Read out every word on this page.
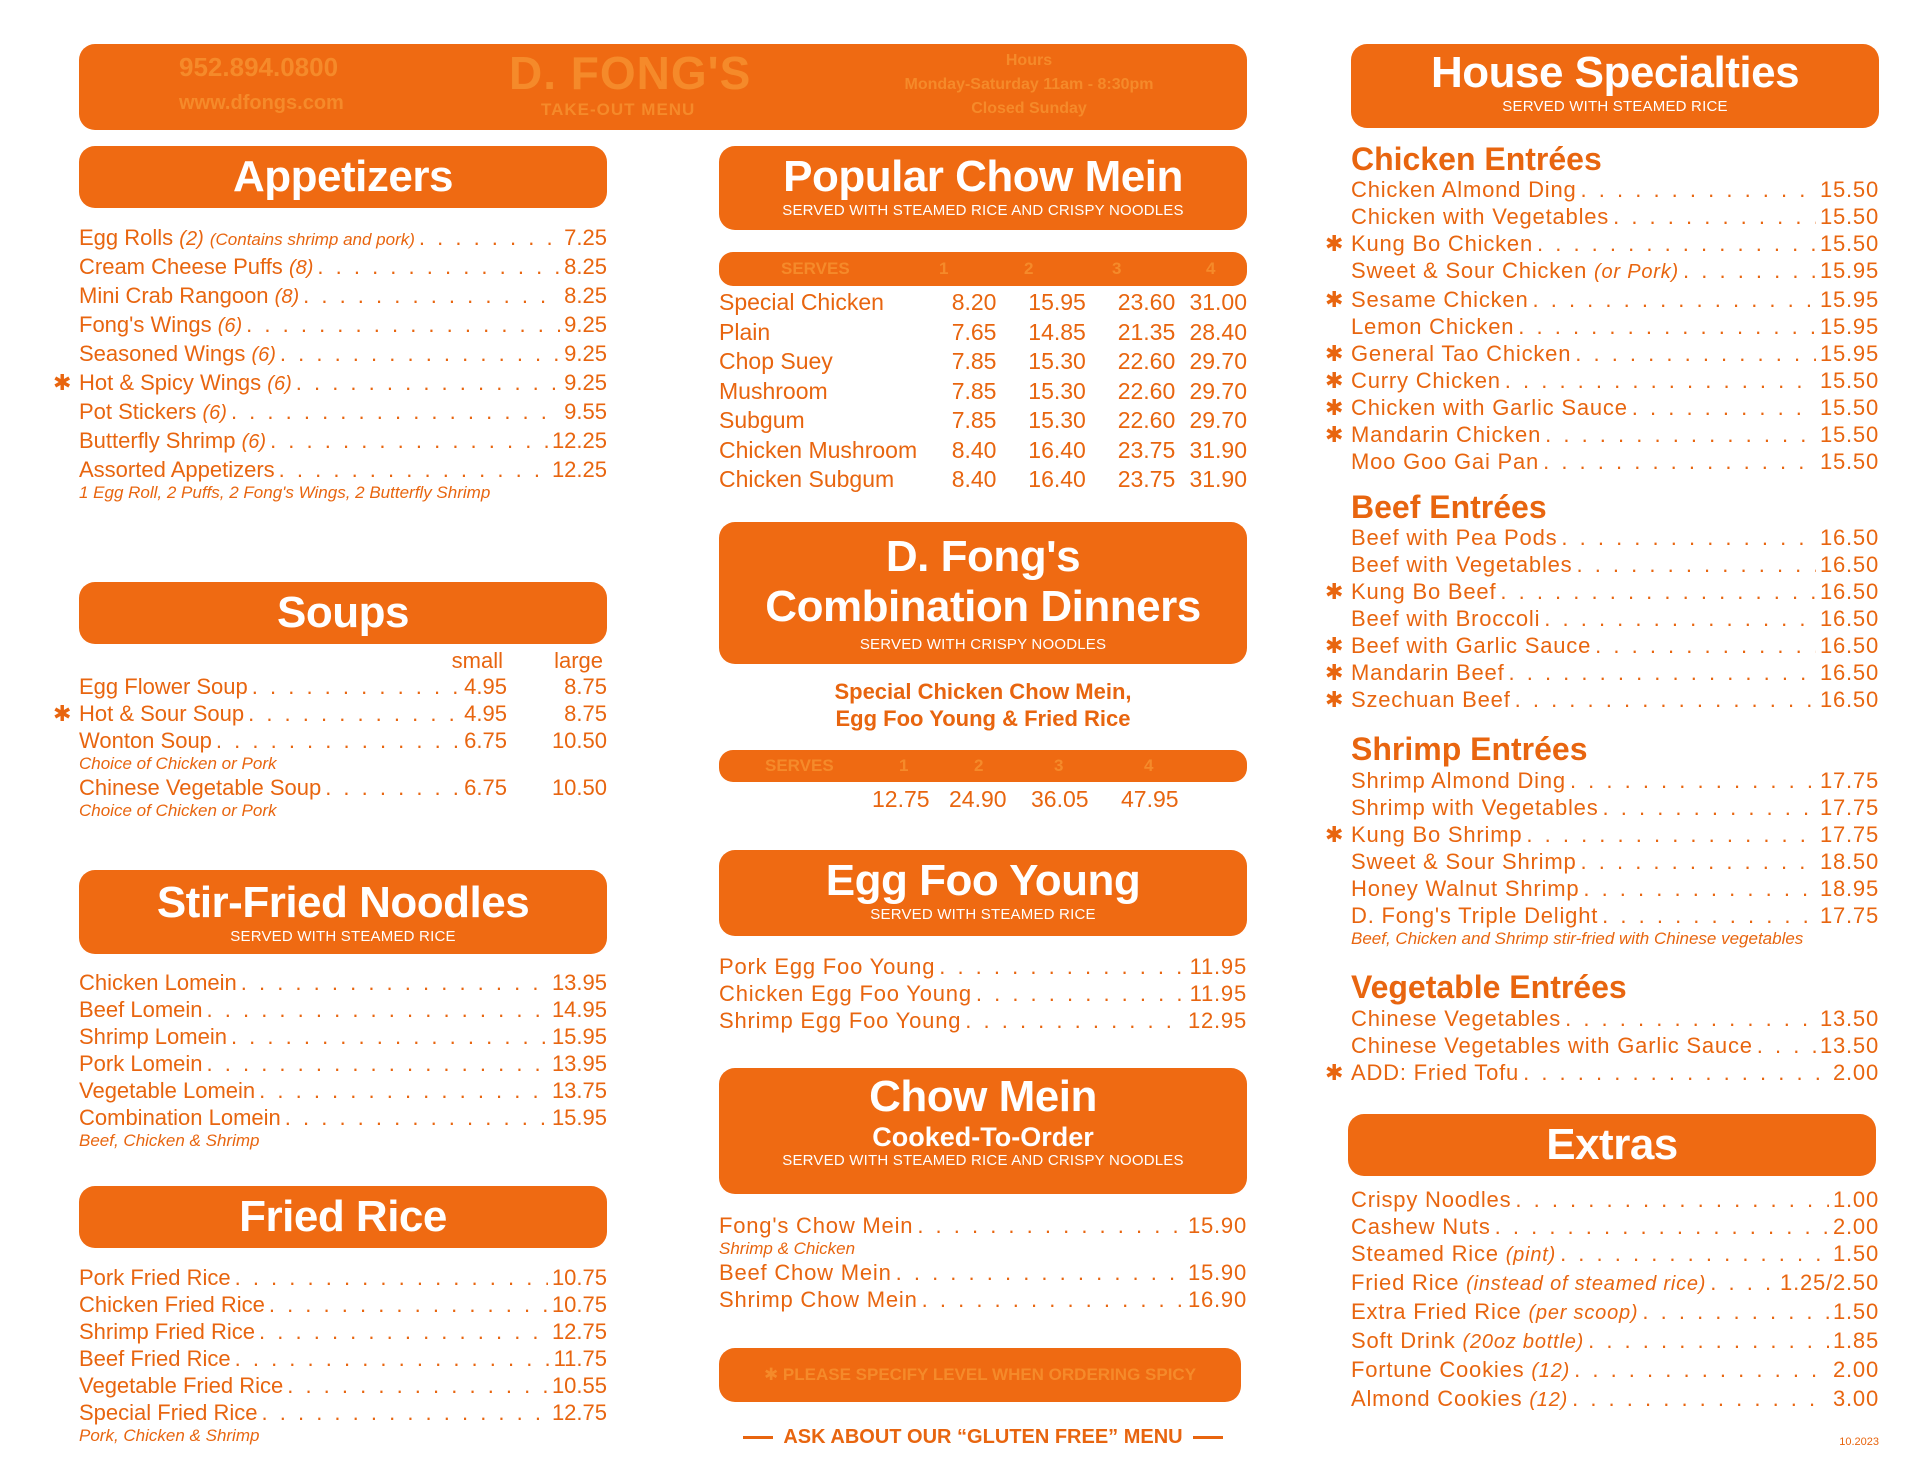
952.894.0800
www.dfongs.com
D. FONG'S
TAKE-OUT MENU
Hours
Monday-Saturday 11am - 8:30pm
Closed Sunday
Appetizers
Egg Rolls (2) (Contains shrimp and pork) . . .	7.25
Cream Cheese Puffs (8) . . .	8.25
Mini Crab Rangoon (8) . . .	8.25
Fong's Wings (6) . . .	9.25
Seasoned Wings (6) . . .	9.25
✱ Hot & Spicy Wings (6) . . .	9.25
Pot Stickers (6) . . .	9.55
Butterfly Shrimp (6) . . .	12.25
Assorted Appetizers . . .	12.25
1 Egg Roll, 2 Puffs, 2 Fong's Wings, 2 Butterfly Shrimp
Soups
small large
Egg Flower Soup . . .	4.95	8.75
✱ Hot & Sour Soup . . .	4.95	8.75
Wonton Soup . . .	6.75	10.50
Choice of Chicken or Pork
Chinese Vegetable Soup . . .	6.75	10.50
Choice of Chicken or Pork
Stir-Fried Noodles
SERVED WITH STEAMED RICE
Chicken Lomein . . .	13.95
Beef Lomein . . .	14.95
Shrimp Lomein . . .	15.95
Pork Lomein . . .	13.95
Vegetable Lomein . . .	13.75
Combination Lomein . . .	15.95
Beef, Chicken & Shrimp
Fried Rice
Pork Fried Rice . . .	10.75
Chicken Fried Rice . . .	10.75
Shrimp Fried Rice . . .	12.75
Beef Fried Rice . . .	11.75
Vegetable Fried Rice . . .	10.55
Special Fried Rice . . .	12.75
Pork, Chicken & Shrimp
Popular Chow Mein
SERVED WITH STEAMED RICE AND CRISPY NOODLES
SERVES	1	2	3	4
Special Chicken	8.20	15.95	23.60	31.00
Plain	7.65	14.85	21.35	28.40
Chop Suey	7.85	15.30	22.60	29.70
Mushroom	7.85	15.30	22.60	29.70
Subgum	7.85	15.30	22.60	29.70
Chicken Mushroom	8.40	16.40	23.75	31.90
Chicken Subgum	8.40	16.40	23.75	31.90
D. Fong's
Combination Dinners
SERVED WITH CRISPY NOODLES
Special Chicken Chow Mein,
Egg Foo Young & Fried Rice
SERVES	1	2	3	4
12.75 24.90 36.05 47.95
Egg Foo Young
SERVED WITH STEAMED RICE
Pork Egg Foo Young . . .	11.95
Chicken Egg Foo Young . . .	11.95
Shrimp Egg Foo Young . . .	12.95
Chow Mein
Cooked-To-Order
SERVED WITH STEAMED RICE AND CRISPY NOODLES
Fong's Chow Mein . . .	15.90
Shrimp & Chicken
Beef Chow Mein . . .	15.90
Shrimp Chow Mein . . .	16.90
✱ PLEASE SPECIFY LEVEL WHEN ORDERING SPICY
ASK ABOUT OUR “GLUTEN FREE” MENU
House Specialties
SERVED WITH STEAMED RICE
Chicken Entrées
Chicken Almond Ding . . .	15.50
Chicken with Vegetables . . .	15.50
✱ Kung Bo Chicken . . .	15.50
Sweet & Sour Chicken (or Pork) . . .	15.95
✱ Sesame Chicken . . .	15.95
Lemon Chicken . . .	15.95
✱ General Tao Chicken . . .	15.95
✱ Curry Chicken . . .	15.50
✱ Chicken with Garlic Sauce . . .	15.50
✱ Mandarin Chicken . . .	15.50
Moo Goo Gai Pan . . .	15.50
Beef Entrées
Beef with Pea Pods . . .	16.50
Beef with Vegetables . . .	16.50
✱ Kung Bo Beef . . .	16.50
Beef with Broccoli . . .	16.50
✱ Beef with Garlic Sauce . . .	16.50
✱ Mandarin Beef . . .	16.50
✱ Szechuan Beef . . .	16.50
Shrimp Entrées
Shrimp Almond Ding . . .	17.75
Shrimp with Vegetables . . .	17.75
✱ Kung Bo Shrimp . . .	17.75
Sweet & Sour Shrimp . . .	18.50
Honey Walnut Shrimp . . .	18.95
D. Fong's Triple Delight . . .	17.75
Beef, Chicken and Shrimp stir-fried with Chinese vegetables
Vegetable Entrées
Chinese Vegetables . . .	13.50
Chinese Vegetables with Garlic Sauce . . .	13.50
✱ ADD: Fried Tofu . . .	2.00
Extras
Crispy Noodles . . .	1.00
Cashew Nuts . . .	2.00
Steamed Rice (pint) . . .	1.50
Fried Rice (instead of steamed rice) . . .	1.25/2.50
Extra Fried Rice (per scoop) . . .	1.50
Soft Drink (20oz bottle) . . .	1.85
Fortune Cookies (12) . . .	2.00
Almond Cookies (12) . . .	3.00
10.2023
